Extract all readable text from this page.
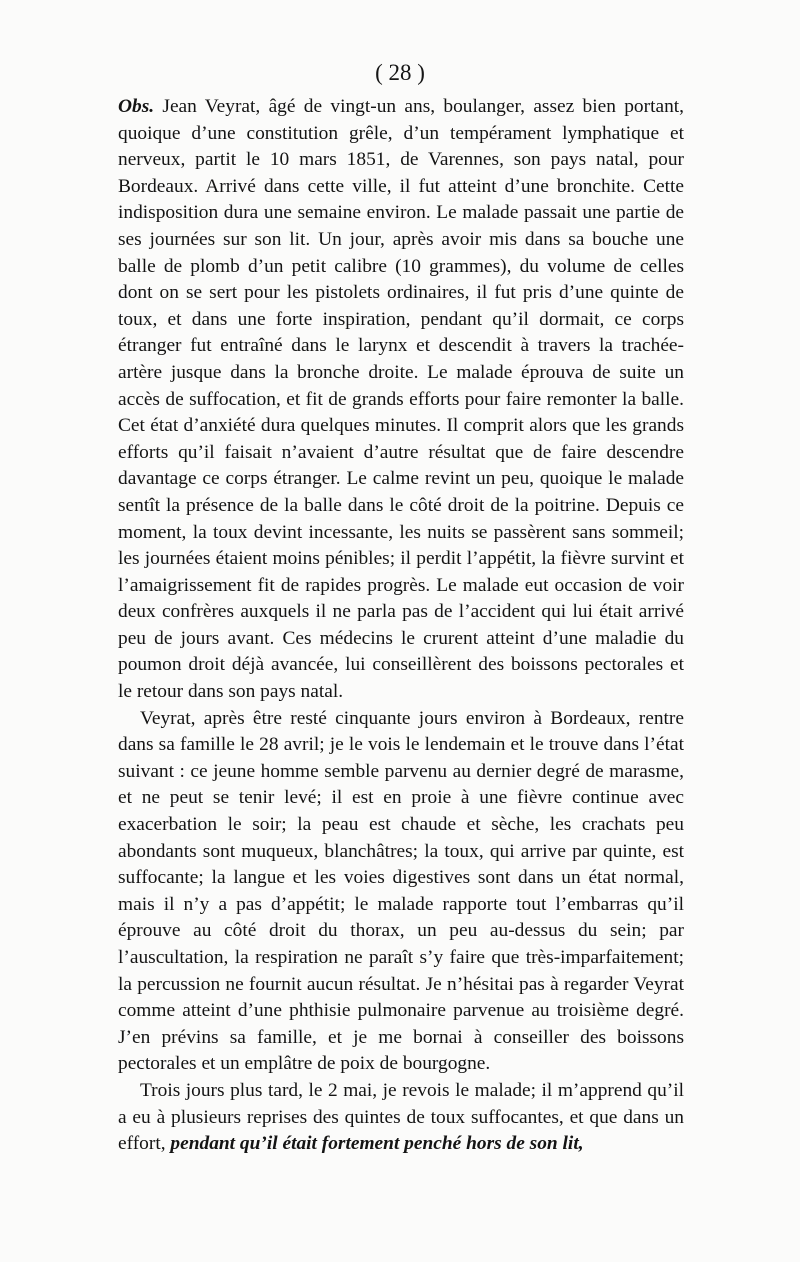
( 28 )

Obs. Jean Veyrat, âgé de vingt-un ans, boulanger, assez bien portant, quoique d’une constitution grêle, d’un tempérament lymphatique et nerveux, partit le 10 mars 1851, de Varennes, son pays natal, pour Bordeaux. Arrivé dans cette ville, il fut atteint d’une bronchite. Cette indisposition dura une semaine environ. Le malade passait une partie de ses journées sur son lit. Un jour, après avoir mis dans sa bouche une balle de plomb d’un petit calibre (10 grammes), du volume de celles dont on se sert pour les pistolets ordinaires, il fut pris d’une quinte de toux, et dans une forte inspiration, pendant qu’il dormait, ce corps étranger fut entraîné dans le larynx et descendit à travers la trachée-artère jusque dans la bronche droite. Le malade éprouva de suite un accès de suffocation, et fit de grands efforts pour faire remonter la balle. Cet état d’anxiété dura quelques minutes. Il comprit alors que les grands efforts qu’il faisait n’avaient d’autre résultat que de faire descendre davantage ce corps étranger. Le calme revint un peu, quoique le malade sentît la présence de la balle dans le côté droit de la poitrine. Depuis ce moment, la toux devint incessante, les nuits se passèrent sans sommeil; les journées étaient moins pénibles; il perdit l’appétit, la fièvre survint et l’amaigrissement fit de rapides progrès. Le malade eut occasion de voir deux confrères auxquels il ne parla pas de l’accident qui lui était arrivé peu de jours avant. Ces médecins le crurent atteint d’une maladie du poumon droit déjà avancée, lui conseillèrent des boissons pectorales et le retour dans son pays natal.

Veyrat, après être resté cinquante jours environ à Bordeaux, rentre dans sa famille le 28 avril; je le vois le lendemain et le trouve dans l’état suivant : ce jeune homme semble parvenu au dernier degré de marasme, et ne peut se tenir levé; il est en proie à une fièvre continue avec exacerbation le soir; la peau est chaude et sèche, les crachats peu abondants sont muqueux, blanchâtres; la toux, qui arrive par quinte, est suffocante; la langue et les voies digestives sont dans un état normal, mais il n’y a pas d’appétit; le malade rapporte tout l’embarras qu’il éprouve au côté droit du thorax, un peu au-dessus du sein; par l’auscultation, la respiration ne paraît s’y faire que très-imparfaitement; la percussion ne fournit aucun résultat. Je n’hésitai pas à regarder Veyrat comme atteint d’une phthisie pulmonaire parvenue au troisième degré. J’en prévins sa famille, et je me bornai à conseiller des boissons pectorales et un emplâtre de poix de bourgogne.

Trois jours plus tard, le 2 mai, je revois le malade; il m’apprend qu’il a eu à plusieurs reprises des quintes de toux suffocantes, et que dans un effort, pendant qu’il était fortement penché hors de son lit,
